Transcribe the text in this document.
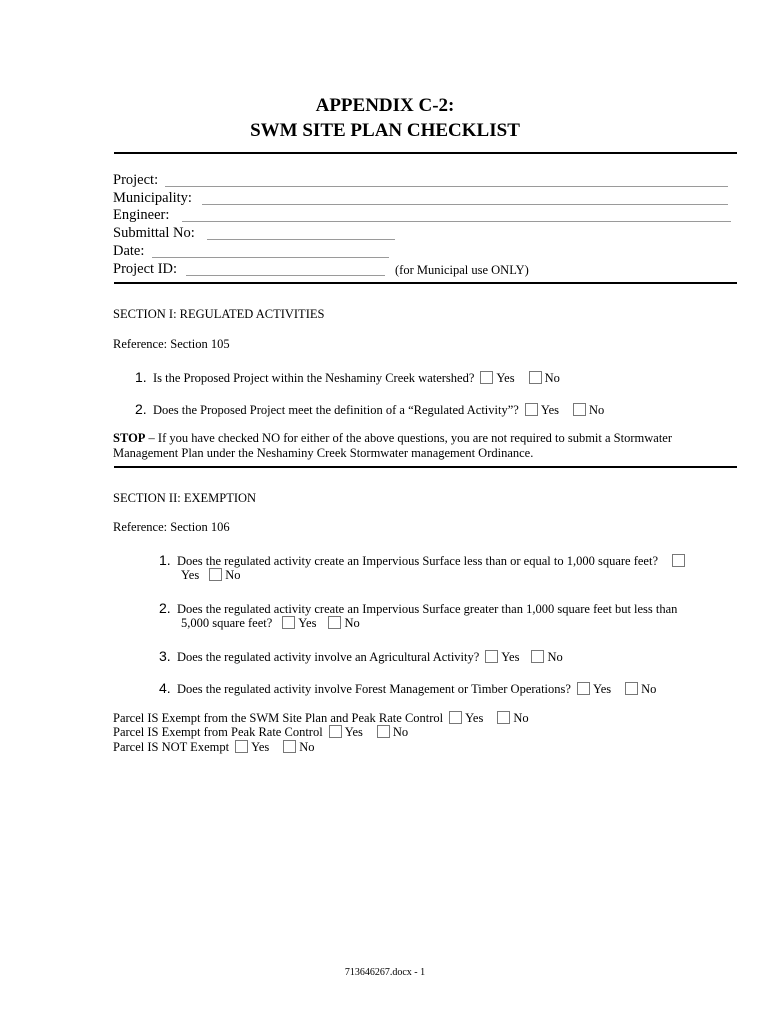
APPENDIX C-2:
SWM SITE PLAN CHECKLIST
Project:
Municipality:
Engineer:
Submittal No:
Date:
Project ID:	(for Municipal use ONLY)
SECTION I: REGULATED ACTIVITIES
Reference: Section 105
1. Is the Proposed Project within the Neshaminy Creek watershed? Yes No
2. Does the Proposed Project meet the definition of a “Regulated Activity”? Yes No
STOP – If you have checked NO for either of the above questions, you are not required to submit a Stormwater Management Plan under the Neshaminy Creek Stormwater management Ordinance.
SECTION II: EXEMPTION
Reference: Section 106
1. Does the regulated activity create an Impervious Surface less than or equal to 1,000 square feet?
Yes No
2. Does the regulated activity create an Impervious Surface greater than 1,000 square feet but less than
5,000 square feet? Yes No
3. Does the regulated activity involve an Agricultural Activity? Yes No
4. Does the regulated activity involve Forest Management or Timber Operations? Yes No
Parcel IS Exempt from the SWM Site Plan and Peak Rate Control Yes No
Parcel IS Exempt from Peak Rate Control Yes No
Parcel IS NOT Exempt Yes No
713646267.docx - 1
